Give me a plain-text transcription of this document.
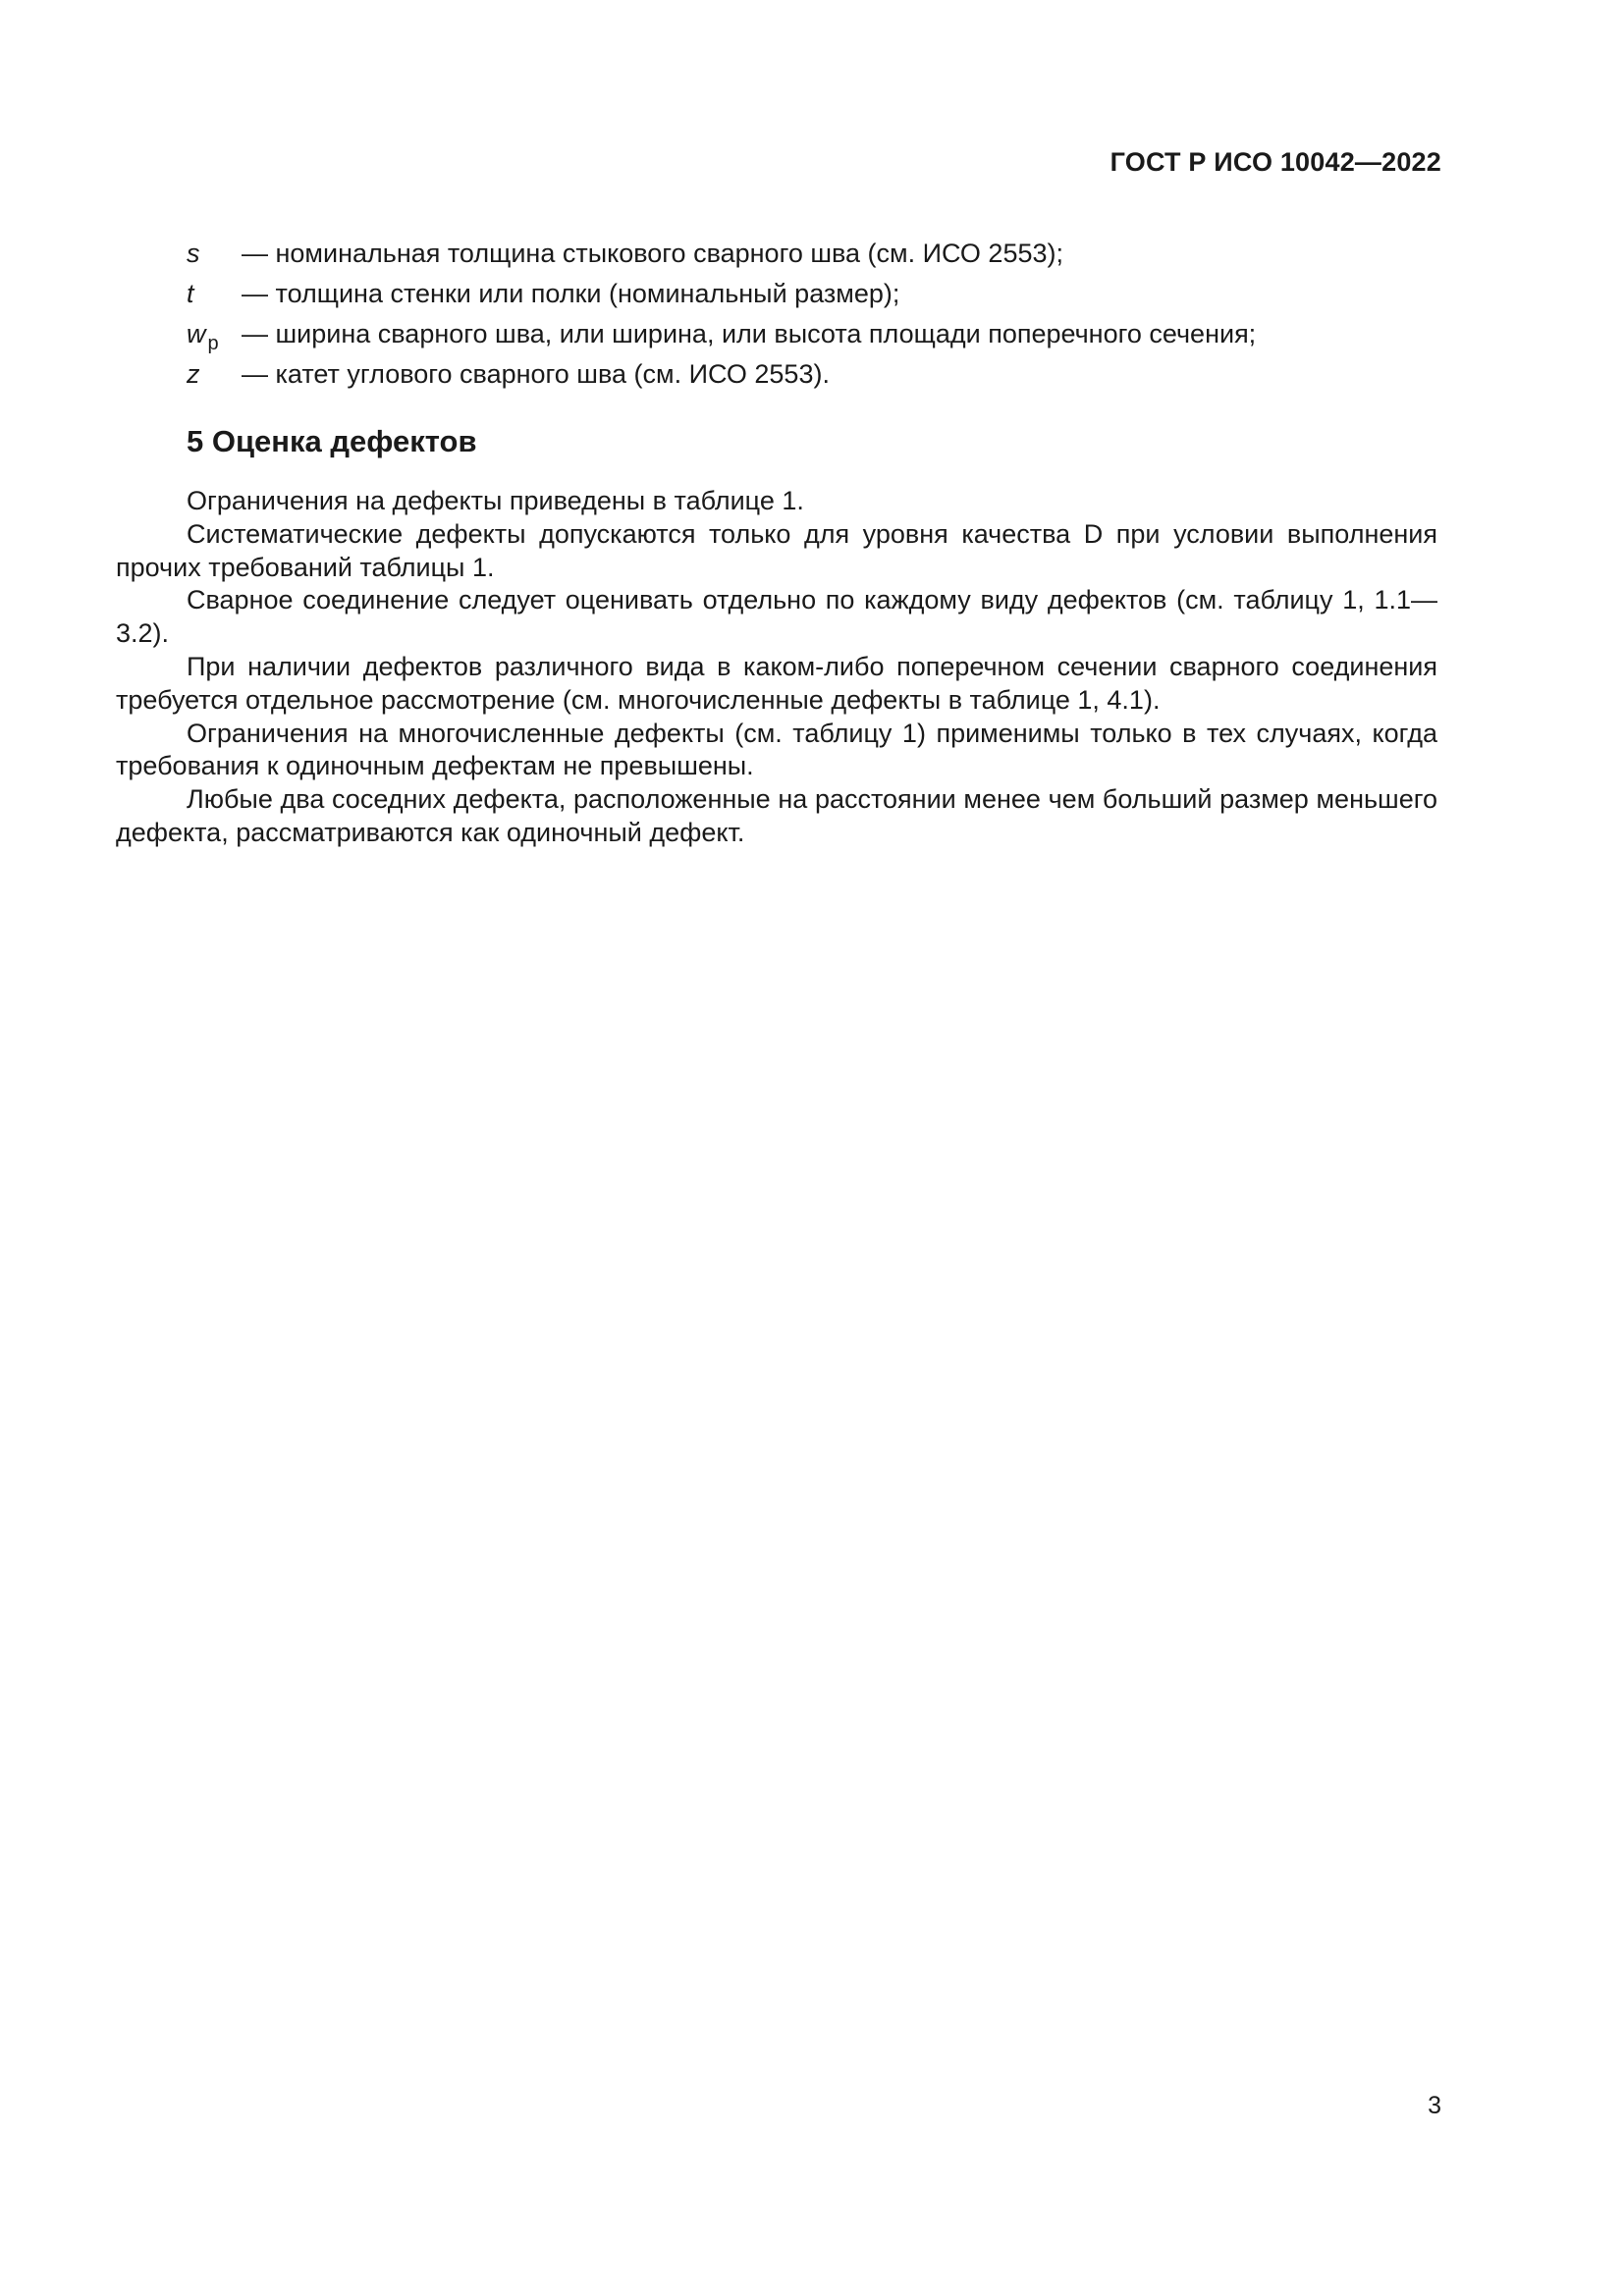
ГОСТ Р ИСО 10042—2022
s	— номинальная толщина стыкового сварного шва (см. ИСО 2553);
t	— толщина стенки или полки (номинальный размер);
w $_p$ — ширина сварного шва, или ширина, или высота площади поперечного сечения;
z	— катет углового сварного шва (см. ИСО 2553).
5 Оценка дефектов

Ограничения на дефекты приведены в таблице 1.

Систематические дефекты допускаются только для уровня качества D при условии выполнения прочих требований таблицы 1.

Сварное соединение следует оценивать отдельно по каждому виду дефектов (см. таблицу 1, 1.1—3.2).

При наличии дефектов различного вида в каком-либо поперечном сечении сварного соединения требуется отдельное рассмотрение (см. многочисленные дефекты в таблице 1, 4.1).

Ограничения на многочисленные дефекты (см. таблицу 1) применимы только в тех случаях, когда требования к одиночным дефектам не превышены.

Любые два соседних дефекта, расположенные на расстоянии менее чем больший размер меньшего дефекта, рассматриваются как одиночный дефект.

3
